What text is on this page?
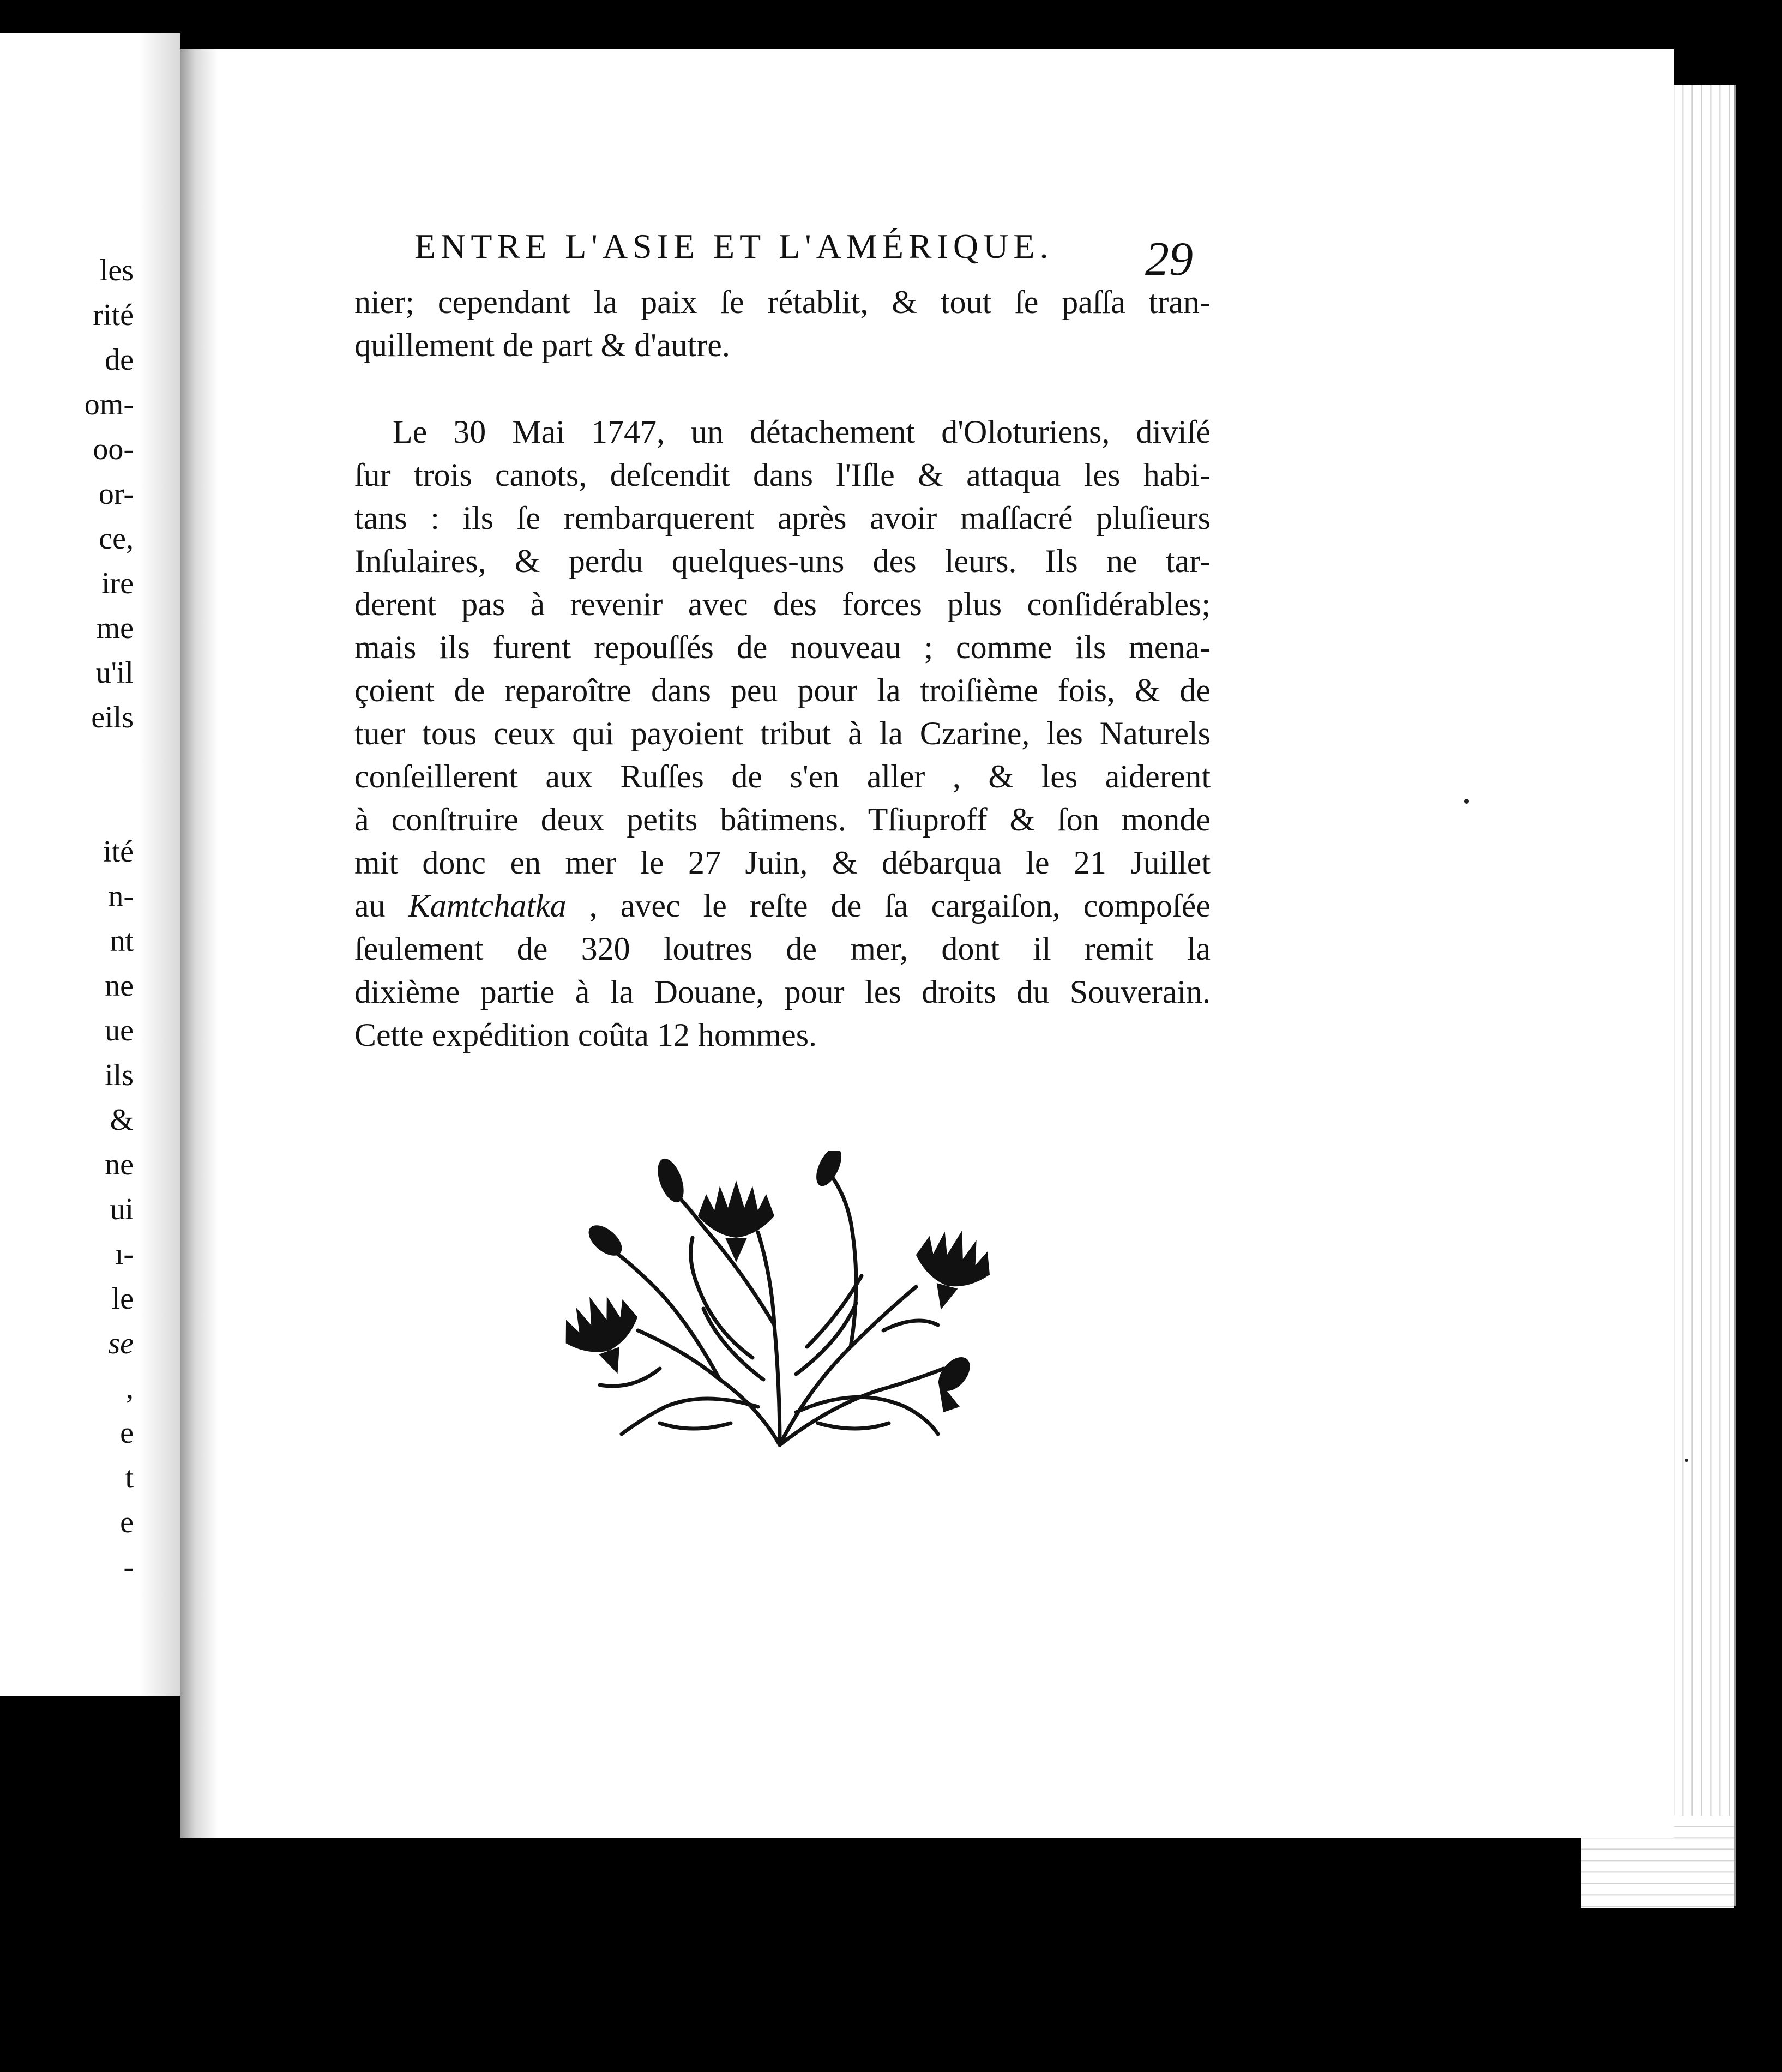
les
rité
de
om-
oo-
or-
ce,
ire
me
u'il
eils
ité
n-
nt
ne
ue
ils
&
ne
ui
ı-
le
se
,
e
t
e
-
ENTRE L'ASIE ET L'AMÉRIQUE.	29
nier; cependant la paix ſe rétablit, & tout ſe paſſa tran-
quillement de part & d'autre.
Le 30 Mai 1747, un détachement d'Oloturiens, diviſé
ſur trois canots, deſcendit dans l'Iſle & attaqua les habi-
tans : ils ſe rembarquerent après avoir maſſacré pluſieurs
Inſulaires, & perdu quelques-uns des leurs. Ils ne tar-
derent pas à revenir avec des forces plus conſidérables;
mais ils furent repouſſés de nouveau ; comme ils mena-
çoient de reparoître dans peu pour la troiſième fois, & de
tuer tous ceux qui payoient tribut à la Czarine, les Naturels
conſeillerent aux Ruſſes de s'en aller , & les aiderent
à conſtruire deux petits bâtimens. Tſiuproff & ſon monde
mit donc en mer le 27 Juin, & débarqua le 21 Juillet
au Kamtchatka , avec le reſte de ſa cargaiſon, compoſée
ſeulement de 320 loutres de mer, dont il remit la
dixième partie à la Douane, pour les droits du Souverain.
Cette expédition coûta 12 hommes.
